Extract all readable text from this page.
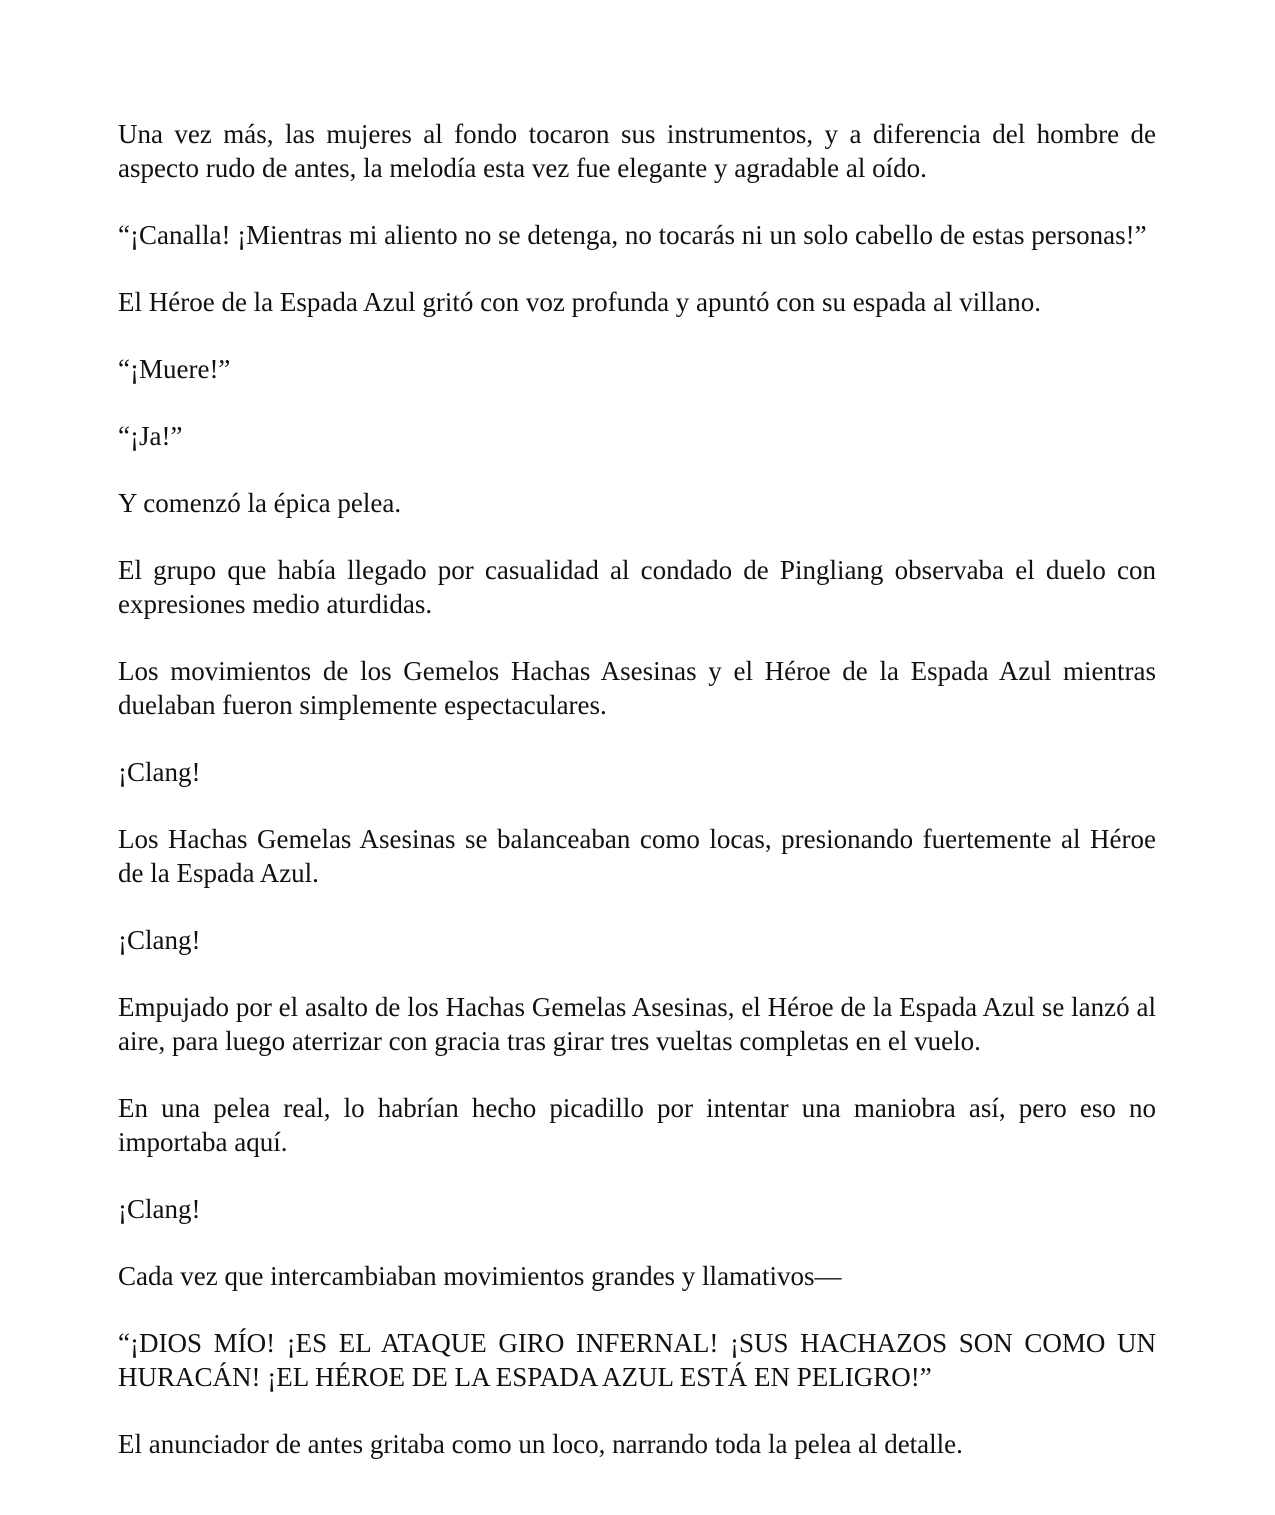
Una vez más, las mujeres al fondo tocaron sus instrumentos, y a diferencia del hombre de aspecto rudo de antes, la melodía esta vez fue elegante y agradable al oído.

“¡Canalla! ¡Mientras mi aliento no se detenga, no tocarás ni un solo cabello de estas personas!”

El Héroe de la Espada Azul gritó con voz profunda y apuntó con su espada al villano.

“¡Muere!”

“¡Ja!”

Y comenzó la épica pelea.

El grupo que había llegado por casualidad al condado de Pingliang observaba el duelo con expresiones medio aturdidas.

Los movimientos de los Gemelos Hachas Asesinas y el Héroe de la Espada Azul mientras duelaban fueron simplemente espectaculares.

¡Clang!

Los Hachas Gemelas Asesinas se balanceaban como locas, presionando fuertemente al Héroe de la Espada Azul.

¡Clang!

Empujado por el asalto de los Hachas Gemelas Asesinas, el Héroe de la Espada Azul se lanzó al aire, para luego aterrizar con gracia tras girar tres vueltas completas en el vuelo.

En una pelea real, lo habrían hecho picadillo por intentar una maniobra así, pero eso no importaba aquí.

¡Clang!

Cada vez que intercambiaban movimientos grandes y llamativos—

“¡DIOS MÍO! ¡ES EL ATAQUE GIRO INFERNAL! ¡SUS HACHAZOS SON COMO UN HURACÁN! ¡EL HÉROE DE LA ESPADA AZUL ESTÁ EN PELIGRO!”

El anunciador de antes gritaba como un loco, narrando toda la pelea al detalle.
